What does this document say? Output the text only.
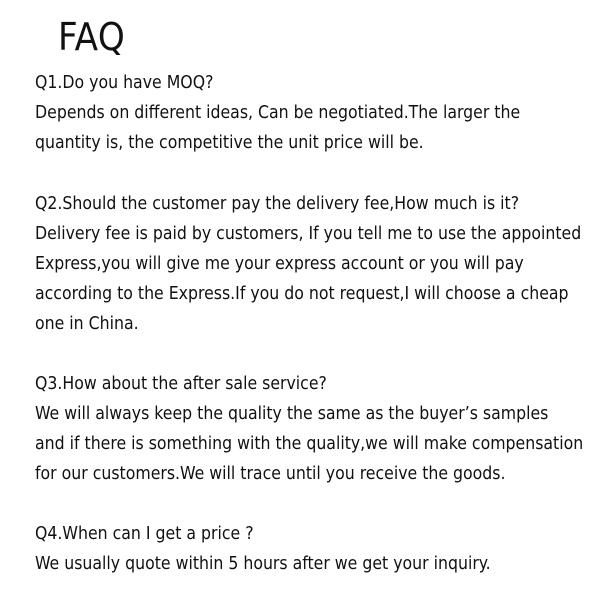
FAQ

Q1.Do you have MOQ?

Depends on different ideas, Can be negotiated.The larger the

quantity is, the competitive the unit price will be.

Q2.Should the customer pay the delivery fee,How much is it?

Delivery fee is paid by customers, If you tell me to use the appointed

Express,you will give me your express account or you will pay

according to the Express.If you do not request,I will choose a cheap

one in China.

Q3.How about the after sale service?

We will always keep the quality the same as the buyer’s samples

and if there is something with the quality,we will make compensation

for our customers.We will trace until you receive the goods.

Q4.When can I get a price ?

We usually quote within 5 hours after we get your inquiry.
